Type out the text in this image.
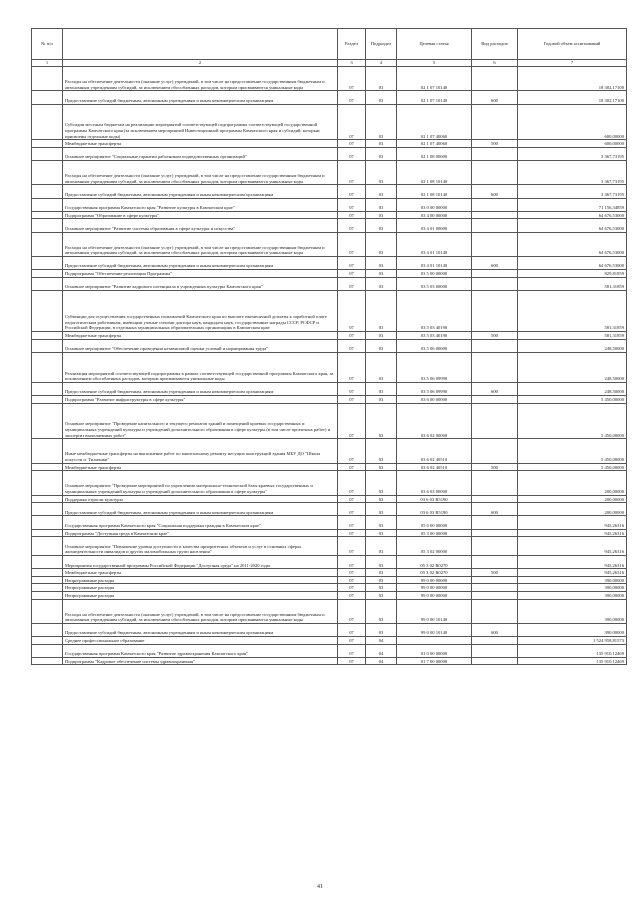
№ п/п		Раздел	Подраздел	Целевая статья	Вид расходов	Годовой объем ассигнований
1	2	3	4	5	6	7
	Расходы на обеспечение деятельности (оказание услуг) учреждений, в том числе на предоставление государственным бюджетным и автономным учреждениям субсидий, за исключением обособленных расходов, которым присваиваются уникальные коды	07	03	02 1 07 10140		18 302,17100
	Предоставление субсидий бюджетным, автономным учреждениям и иным некоммерческим организациям	07	03	02 1 07 10140	600	18 302,17100
	Субсидии местным бюджетам на реализацию мероприятий соответствующей подпрограммы соответствующей государственной программы Камчатского края (за исключением мероприятий Инвестиционной программы Камчатского края и субсидий, которым присвоены отдельные коды)	07	03	02 1 07 40060		600,00000
	Межбюджетные трансферты	07	03	02 1 07 40060	500	600,00000
	Основное мероприятие "Социальные гарантии работникам подведомственных организаций"	07	03	02 1 08 00000		3 367,73195
	Расходы на обеспечение деятельности (оказание услуг) учреждений, в том числе на предоставление государственным бюджетным и автономным учреждениям субсидий, за исключением обособленных расходов, которым присваиваются уникальные коды	07	03	02 1 08 10140		3 367,73195
	Предоставление субсидий бюджетным, автономным учреждениям и иным некоммерческим организациям	07	03	02 1 08 10140	600	3 367,73195
	Государственная программа Камчатского края "Развитие культуры в Камчатском крае"	07	03	03 0 00 00000		71 156,34859
	Подпрограмма "Образование в сфере культуры"	07	03	03 4 00 00000		64 676,53000
	Основное мероприятие "Развитие системы образования в сфере культуры и искусства"	07	03	03 4 01 00000		64 676,53000
	Расходы на обеспечение деятельности (оказание услуг) учреждений, в том числе на предоставление государственным бюджетным и автономным учреждениям субсидий, за исключением обособленных расходов, которым присваиваются уникальные коды	07	03	03 4 01 10140		64 676,53000
	Предоставление субсидий бюджетным, автономным учреждениям и иным некоммерческим организациям	07	03	03 4 01 10140	600	64 676,53000
	Подпрограмма "Обеспечение реализации Программы"	07	03	03 5 00 00000		829,81859
	Основное мероприятие "Развитие кадрового потенциала в учреждениях культуры Камчатского края"	07	03	03 5 03 00000		581,31859
	Субвенции для осуществления государственных полномочий Камчатского края по выплате ежемесячной доплаты к заработной плате педагогическим работникам, имеющим ученые степени доктора наук, кандидата наук, государственные награды СССР, РСФСР и Российской Федерации, в отдельных муниципальных образовательных организациях в Камчатском крае	07	03	03 5 03 40190		581,31859
	Межбюджетные трансферты	07	03	03 5 03 40190	500	581,31859
	Основное мероприятие "Обеспечение проведения независимой оценки условий и нормирования труда"	07	03	03 5 06 00000		248,50000
	Реализация мероприятий соответствующей подпрограммы в рамках соответствующей государственной программы Камчатского края, за исключением обособленных расходов, которым присваиваются уникальные коды	07	03	03 5 06 09990		248,50000
	Предоставление субсидий бюджетным, автономным учреждениям и иным некоммерческим организациям	07	03	03 5 06 09990	600	248,50000
	Подпрограмма "Развитие инфраструктуры в сфере культуры"	07	03	03 6 00 00000		5 450,00000
	Основное мероприятие "Проведение капитального и текущего ремонтов зданий и помещений краевых государственных и муниципальных учреждений культуры и учреждений дополнительного образования в сфере культуры (в том числе проектных работ) и экспертиз выполненных работ"	07	03	03 6 02 00000		5 450,00000
	Иные межбюджетные трансферты на выполнение работ по капитальному ремонту несущих конструкций здания МБУ ДО "Школа искусств п. Тиличики"	07	03	03 6 02 40510		5 450,00000
	Межбюджетные трансферты	07	03	03 6 02 40510	500	5 450,00000
	Основное мероприятие "Проведение мероприятий по укреплению материально-технической базы краевых государственных и муниципальных учреждений культуры и учреждений дополнительного образования в сфере культуры"	07	03	03 6 03 00000		200,00000
	Поддержка отрасли культуры	07	03	03 6 03 R5190		200,00000
	Предоставление субсидий бюджетным, автономным учреждениям и иным некоммерческим организациям	07	03	03 6 03 R5190	600	200,00000
	Государственная программа Камчатского края "Социальная поддержка граждан в Камчатском крае"	07	03	05 0 00 00000		945,26316
	Подпрограмма "Доступная среда в Камчатском крае"	07	03	05 3 00 00000		945,26316
	Основное мероприятие "Повышение уровня доступности и качества приоритетных объектов и услуг в основных сферах жизнедеятельности инвалидов и других маломобильных групп населения"	07	03	05 3 02 00000		945,26316
	Мероприятия государственной программы Российской Федерации "Доступная среда" на 2011-2020 годы	07	03	05 3 02 R0270		945,26316
	Межбюджетные трансферты	07	03	05 3 02 R0270	500	945,26316
	Непрограммные расходы	07	03	99 0 00 00000		390,00000
	Непрограммные расходы	07	03	99 0 00 00000		390,00000
	Непрограммные расходы	07	03	99 0 00 00000		390,00000
	Расходы на обеспечение деятельности (оказание услуг) учреждений, в том числе на предоставление государственным бюджетным и автономным учреждениям субсидий, за исключением обособленных расходов, которым присваиваются уникальные коды	07	03	99 0 00 10140		390,00000
	Предоставление субсидий бюджетным, автономным учреждениям и иным некоммерческим организациям	07	03	99 0 00 10140	600	390,00000
	Среднее профессиональное образование	07	04			1 524 958,81573
	Государственная программа Камчатского края "Развитие здравоохранения Камчатского края"	07	04	01 0 00 00000		135 910,12469
	Подпрограмма "Кадровое обеспечение системы здравоохранения"	07	04	01 7 00 00000		135 910,12469
41
